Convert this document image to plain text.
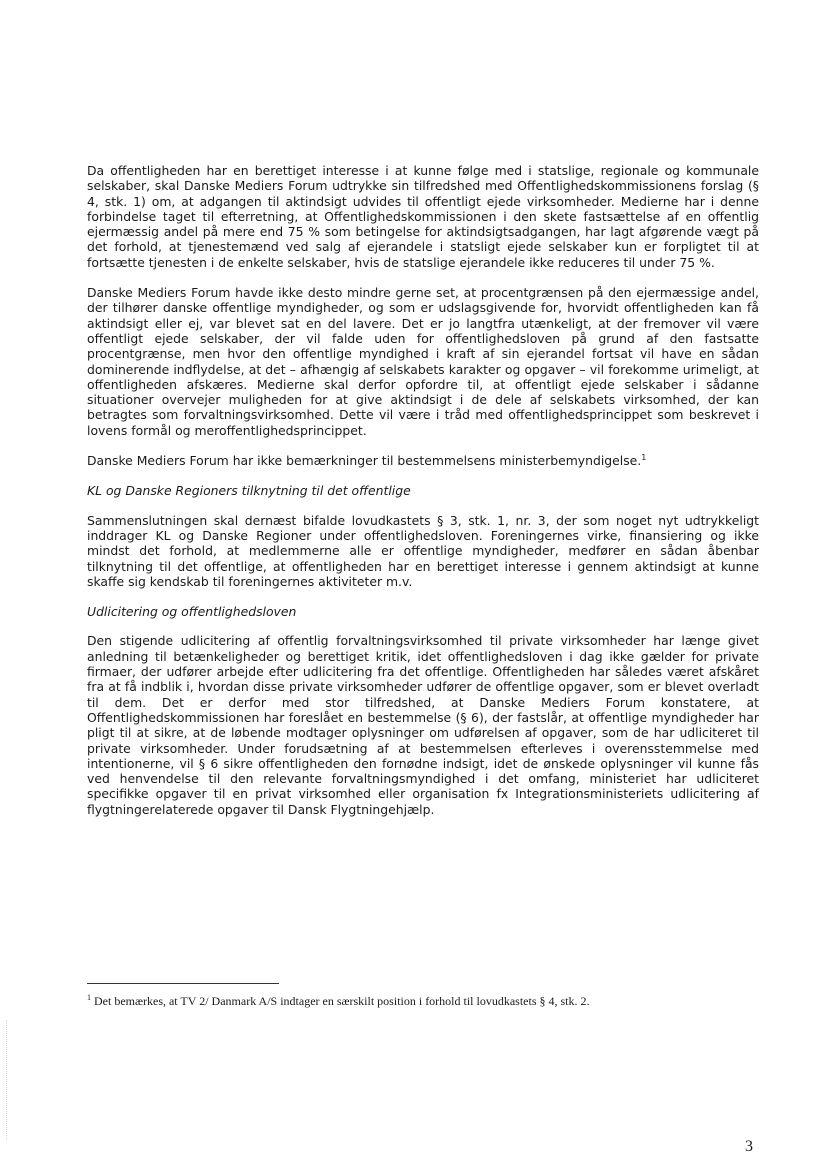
Da offentligheden har en berettiget interesse i at kunne følge med i statslige, regionale og kommunale selskaber, skal Danske Mediers Forum udtrykke sin tilfredshed med Offentlighedskommissionens forslag (§ 4, stk. 1) om, at adgangen til aktindsigt udvides til offentligt ejede virksomheder. Medierne har i denne forbindelse taget til efterretning, at Offentlighedskommissionen i den skete fastsættelse af en offentlig ejermæssig andel på mere end 75 % som betingelse for aktindsigtsadgangen, har lagt afgørende vægt på det forhold, at tjenestemænd ved salg af ejerandele i statsligt ejede selskaber kun er forpligtet til at fortsætte tjenesten i de enkelte selskaber, hvis de statslige ejerandele ikke reduceres til under 75 %.

Danske Mediers Forum havde ikke desto mindre gerne set, at procentgrænsen på den ejermæssige andel, der tilhører danske offentlige myndigheder, og som er udslagsgivende for, hvorvidt offentligheden kan få aktindsigt eller ej, var blevet sat en del lavere. Det er jo langtfra utænkeligt, at der fremover vil være offentligt ejede selskaber, der vil falde uden for offentlighedsloven på grund af den fastsatte procentgrænse, men hvor den offentlige myndighed i kraft af sin ejerandel fortsat vil have en sådan dominerende indflydelse, at det – afhængig af selskabets karakter og opgaver – vil forekomme urimeligt, at offentligheden afskæres. Medierne skal derfor opfordre til, at offentligt ejede selskaber i sådanne situationer overvejer muligheden for at give aktindsigt i de dele af selskabets virksomhed, der kan betragtes som forvaltningsvirksomhed. Dette vil være i tråd med offentlighedsprincippet som beskrevet i lovens formål og meroffentlighedsprincippet.

Danske Mediers Forum har ikke bemærkninger til bestemmelsens ministerbemyndigelse.$^1$

KL og Danske Regioners tilknytning til det offentlige

Sammenslutningen skal dernæst bifalde lovudkastets § 3, stk. 1, nr. 3, der som noget nyt udtrykkeligt inddrager KL og Danske Regioner under offentlighedsloven. Foreningernes virke, finansiering og ikke mindst det forhold, at medlemmerne alle er offentlige myndigheder, medfører en sådan åbenbar tilknytning til det offentlige, at offentligheden har en berettiget interesse i gennem aktindsigt at kunne skaffe sig kendskab til foreningernes aktiviteter m.v.

Udlicitering og offentlighedsloven

Den stigende udlicitering af offentlig forvaltningsvirksomhed til private virksomheder har længe givet anledning til betænkeligheder og berettiget kritik, idet offentlighedsloven i dag ikke gælder for private firmaer, der udfører arbejde efter udlicitering fra det offentlige. Offentligheden har således været afskåret fra at få indblik i, hvordan disse private virksomheder udfører de offentlige opgaver, som er blevet overladt til dem. Det er derfor med stor tilfredshed, at Danske Mediers Forum konstatere, at Offentlighedskommissionen har foreslået en bestemmelse (§ 6), der fastslår, at offentlige myndigheder har pligt til at sikre, at de løbende modtager oplysninger om udførelsen af opgaver, som de har udliciteret til private virksomheder. Under forudsætning af at bestemmelsen efterleves i overensstemmelse med intentionerne, vil § 6 sikre offentligheden den fornødne indsigt, idet de ønskede oplysninger vil kunne fås ved henvendelse til den relevante forvaltningsmyndighed i det omfang, ministeriet har udliciteret specifikke opgaver til en privat virksomhed eller organisation fx Integrationsministeriets udlicitering af flygtningerelaterede opgaver til Dansk Flygtningehjælp.

$^1$ Det bemærkes, at TV 2/ Danmark A/S indtager en særskilt position i forhold til lovudkastets § 4, stk. 2.
3
